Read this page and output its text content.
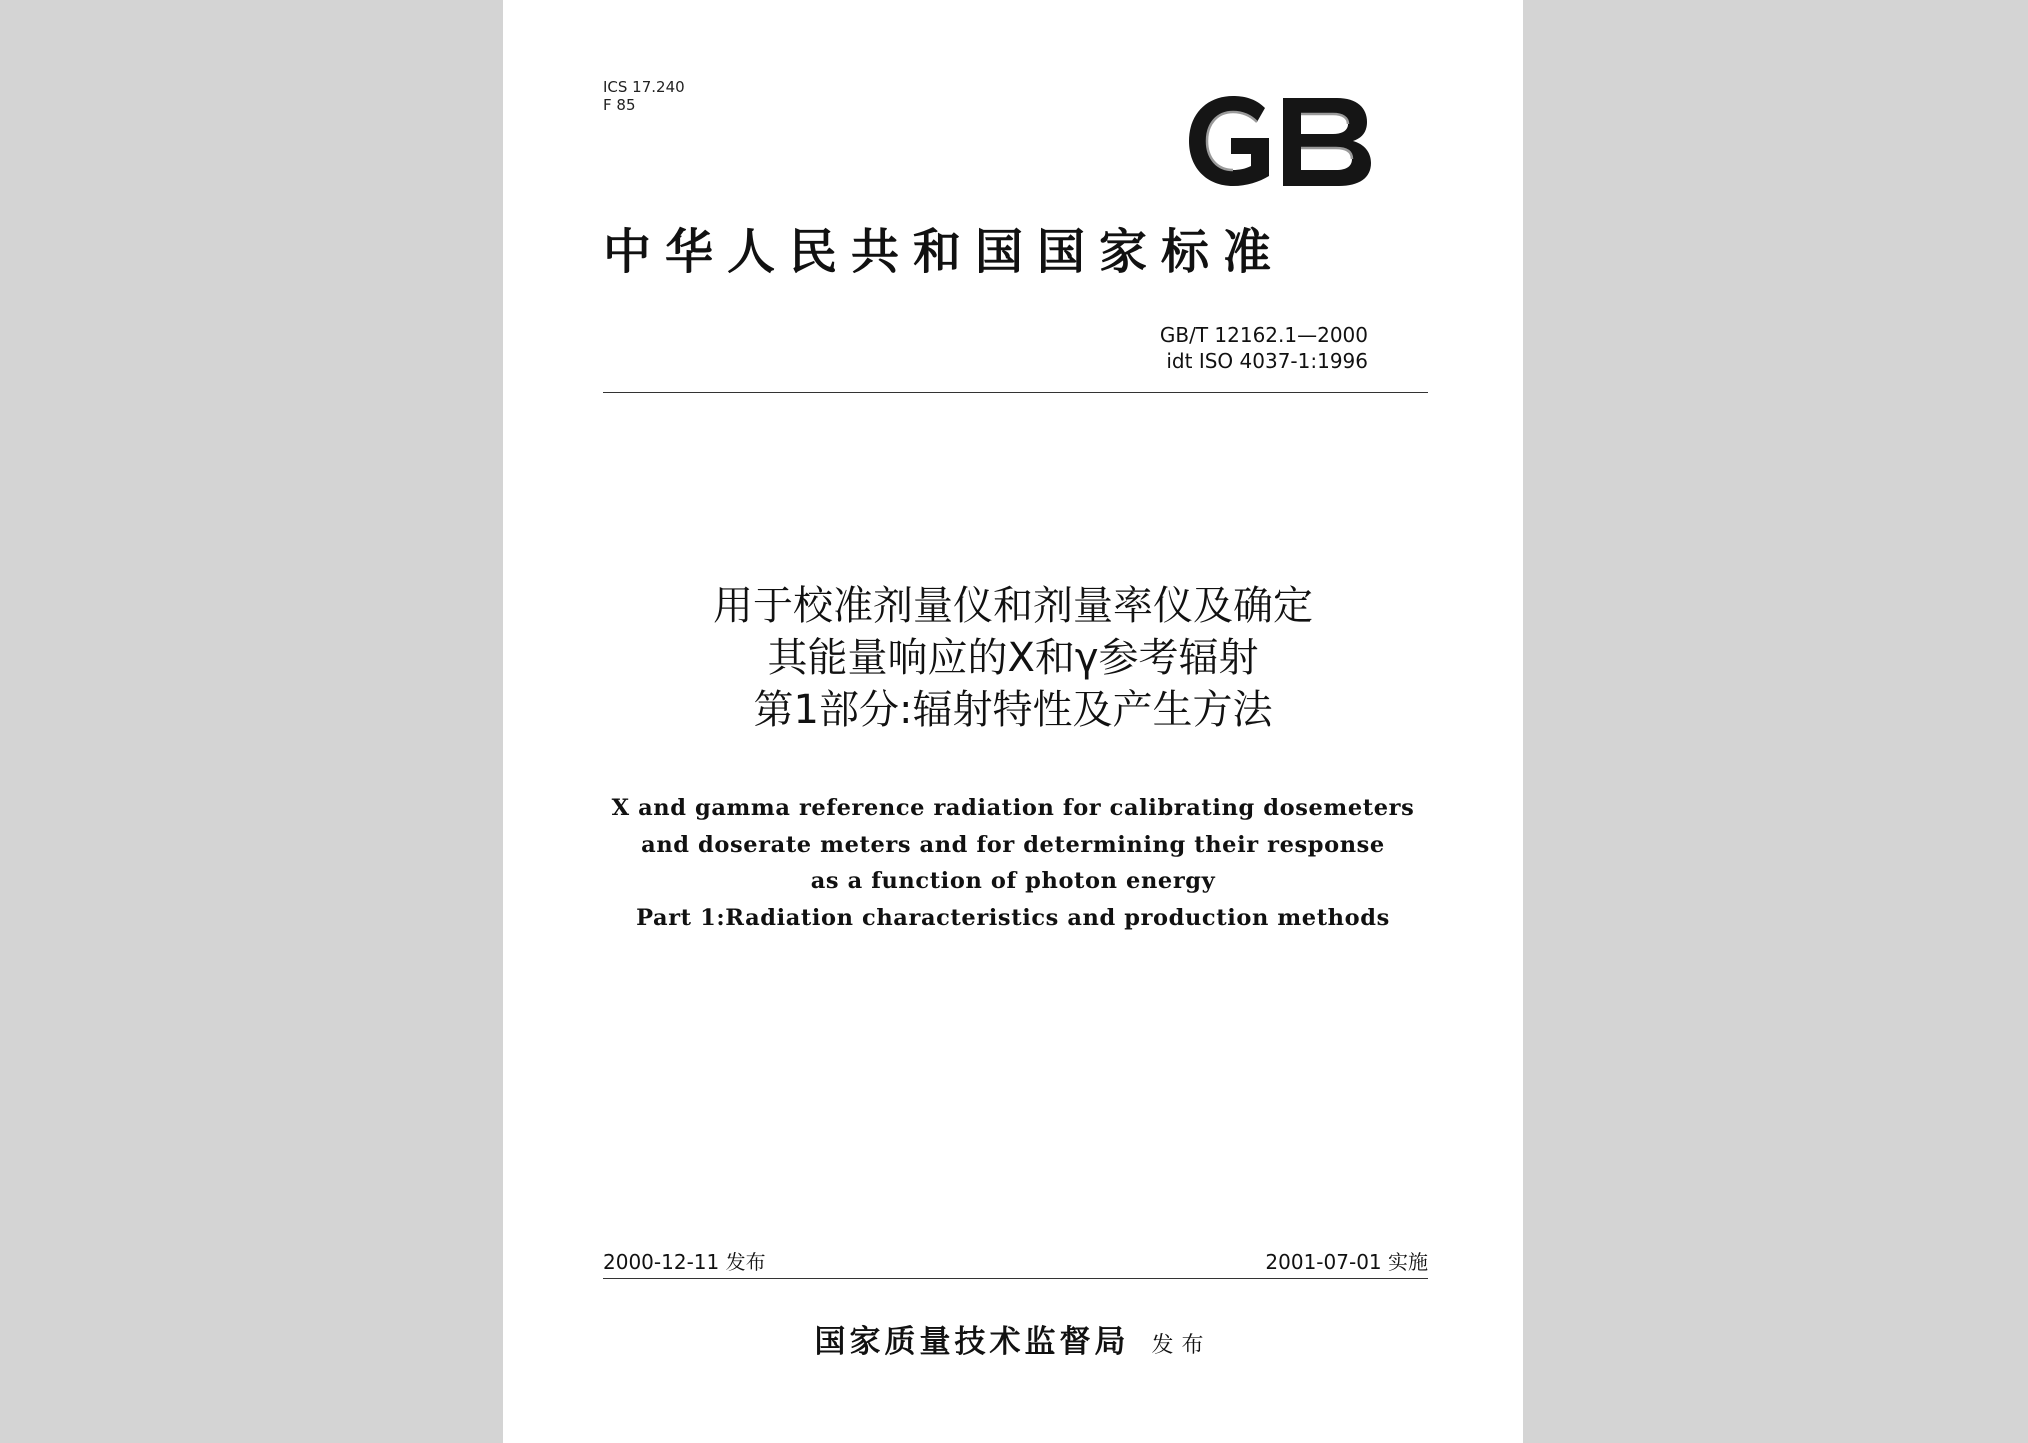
ICS 17.240
F 85
中华人民共和国国家标准
GB/T 12162.1—2000
idt ISO 4037-1:1996
用于校准剂量仪和剂量率仪及确定
其能量响应的X和γ参考辐射
第1部分:辐射特性及产生方法
X and gamma reference radiation for calibrating dosemeters
and doserate meters and for determining their response
as a function of photon energy
Part 1:Radiation characteristics and production methods
2000-12-11 发布	2001-07-01 实施
国家质量技术监督局 发布
